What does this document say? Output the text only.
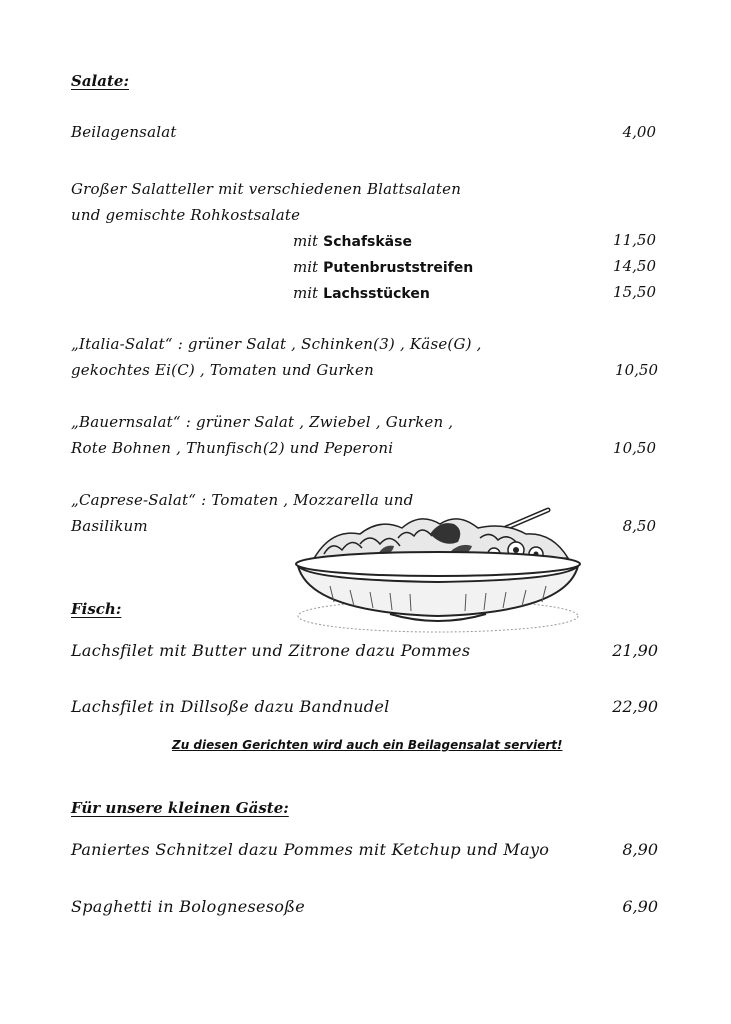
Salate:
Beilagensalat	4,00
Großer Salatteller mit verschiedenen Blattsalaten
und gemischte Rohkostsalate
mit Schafskäse	11,50
mit Putenbruststreifen	14,50
mit Lachsstücken	15,50
„Italia-Salat“ : grüner Salat , Schinken(3) , Käse(G) ,
gekochtes Ei(C) , Tomaten und Gurken	10,50
„Bauernsalat“ : grüner Salat , Zwiebel , Gurken ,
Rote Bohnen , Thunfisch(2) und Peperoni	10,50
„Caprese-Salat“ : Tomaten , Mozzarella und
Basilikum	8,50
Fisch:
Lachsfilet mit Butter und Zitrone dazu Pommes	21,90
Lachsfilet in Dillsoße dazu Bandnudel	22,90
Zu diesen Gerichten wird auch ein Beilagensalat serviert!
Für unsere kleinen Gäste:
Paniertes Schnitzel dazu Pommes mit Ketchup und Mayo	8,90
Spaghetti in Bolognesesoße	6,90
